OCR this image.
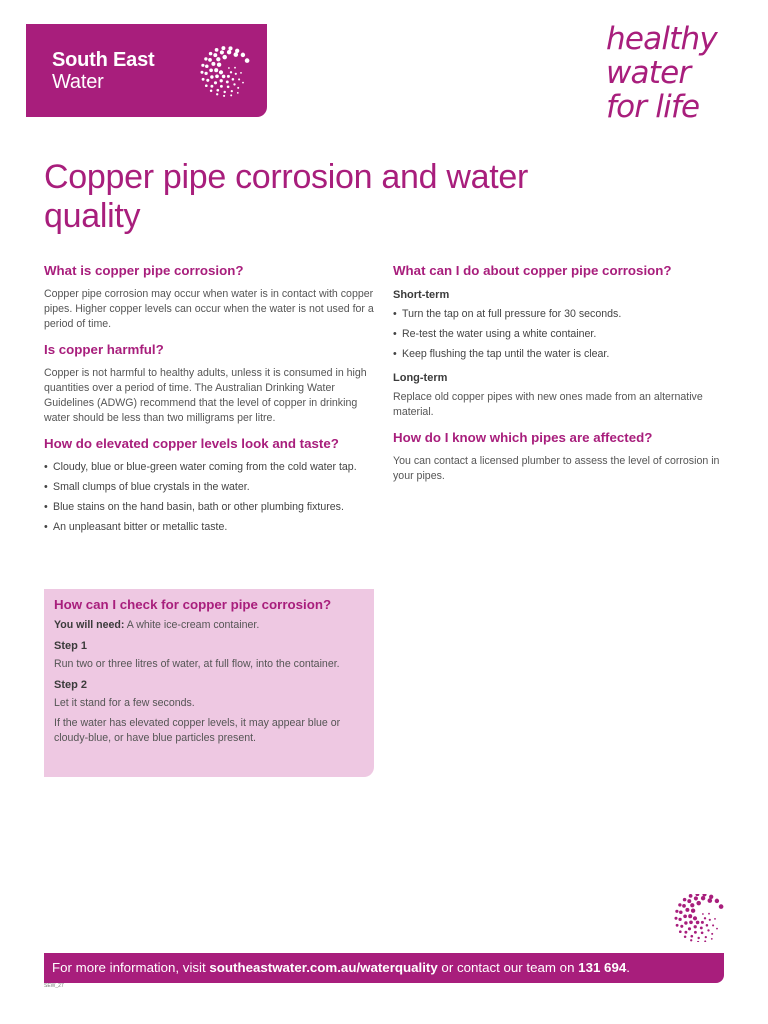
South East
Water
healthy
water
for life
Copper pipe corrosion and water quality
What is copper pipe corrosion?

Copper pipe corrosion may occur when water is in contact with copper pipes. Higher copper levels can occur when the water is not used for a period of time.

Is copper harmful?

Copper is not harmful to healthy adults, unless it is consumed in high quantities over a period of time. The Australian Drinking Water Guidelines (ADWG) recommend that the level of copper in drinking water should be less than two milligrams per litre.

How do elevated copper levels look and taste?
• Cloudy, blue or blue-green water coming from the cold water tap.
• Small clumps of blue crystals in the water.
• Blue stains on the hand basin, bath or other plumbing fixtures.
• An unpleasant bitter or metallic taste.
How can I check for copper pipe corrosion?

You will need: A white ice-cream container.

Step 1

Run two or three litres of water, at full flow, into the container.

Step 2

Let it stand for a few seconds.

If the water has elevated copper levels, it may appear blue or cloudy-blue, or have blue particles present.

What can I do about copper pipe corrosion?
Short-term
• Turn the tap on at full pressure for 30 seconds.
• Re-test the water using a white container.
• Keep flushing the tap until the water is clear.
Long-term

Replace old copper pipes with new ones made from an alternative material.

How do I know which pipes are affected?

You can contact a licensed plumber to assess the level of corrosion in your pipes.

For more information, visit southeastwater.com.au/waterquality or contact our team on 131 694.
SEW_27
